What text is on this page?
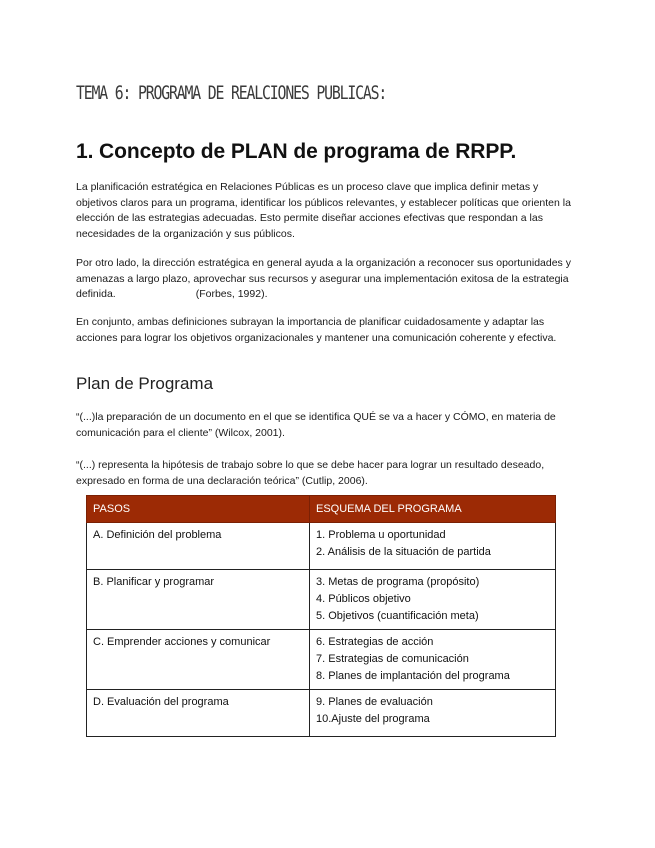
TEMA 6: PROGRAMA DE REALCIONES PUBLICAS:
1. Concepto de PLAN de programa de RRPP.
La planificación estratégica en Relaciones Públicas es un proceso clave que implica definir metas y objetivos claros para un programa, identificar los públicos relevantes, y establecer políticas que orienten la elección de las estrategias adecuadas. Esto permite diseñar acciones efectivas que respondan a las necesidades de la organización y sus públicos.
Por otro lado, la dirección estratégica en general ayuda a la organización a reconocer sus oportunidades y amenazas a largo plazo, aprovechar sus recursos y asegurar una implementación exitosa de la estrategia definida.	(Forbes, 1992).
En conjunto, ambas definiciones subrayan la importancia de planificar cuidadosamente y adaptar las acciones para lograr los objetivos organizacionales y mantener una comunicación coherente y efectiva.
Plan de Programa
“(...)la preparación de un documento en el que se identifica QUÉ se va a hacer y CÓMO, en materia de comunicación para el cliente” (Wilcox, 2001).
“(...) representa la hipótesis de trabajo sobre lo que se debe hacer para lograr un resultado deseado, expresado en forma de una declaración teórica” (Cutlip, 2006).
PASOS	ESQUEMA DEL PROGRAMA
A. Definición del problema	1. Problema u oportunidad
2. Análisis de la situación de partida

B. Planificar y programar	3. Metas de programa (propósito)
4. Públicos objetivo
5. Objetivos (cuantificación meta)

C. Emprender acciones y comunicar	6. Estrategias de acción
7. Estrategias de comunicación
8. Planes de implantación del programa

D. Evaluación del programa	9. Planes de evaluación
10.Ajuste del programa
